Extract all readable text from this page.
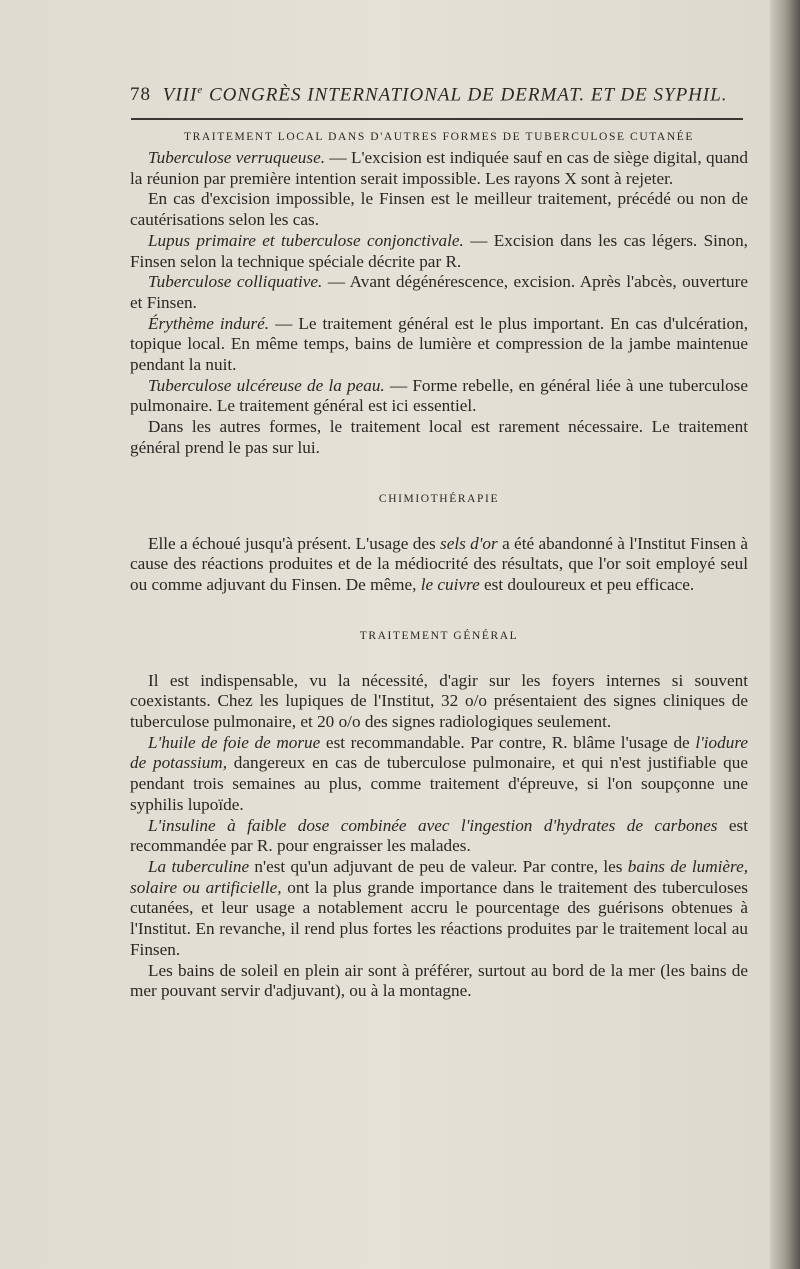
78 VIIIe CONGRÈS INTERNATIONAL DE DERMAT. ET DE SYPHIL.
TRAITEMENT LOCAL DANS D'AUTRES FORMES DE TUBERCULOSE CUTANÉE

Tuberculose verruqueuse. — L'excision est indiquée sauf en cas de siège digital, quand la réunion par première intention serait impossible. Les rayons X sont à rejeter.

En cas d'excision impossible, le Finsen est le meilleur traitement, précédé ou non de cautérisations selon les cas.

Lupus primaire et tuberculose conjonctivale. — Excision dans les cas légers. Sinon, Finsen selon la technique spéciale décrite par R.

Tuberculose colliquative. — Avant dégénérescence, excision. Après l'abcès, ouverture et Finsen.

Érythème induré. — Le traitement général est le plus important. En cas d'ulcération, topique local. En même temps, bains de lumière et compression de la jambe maintenue pendant la nuit.

Tuberculose ulcéreuse de la peau. — Forme rebelle, en général liée à une tuberculose pulmonaire. Le traitement général est ici essentiel.

Dans les autres formes, le traitement local est rarement nécessaire. Le traitement général prend le pas sur lui.

CHIMIOTHÉRAPIE

Elle a échoué jusqu'à présent. L'usage des sels d'or a été abandonné à l'Institut Finsen à cause des réactions produites et de la médiocrité des résultats, que l'or soit employé seul ou comme adjuvant du Finsen. De même, le cuivre est douloureux et peu efficace.

TRAITEMENT GÉNÉRAL

Il est indispensable, vu la nécessité, d'agir sur les foyers internes si souvent coexistants. Chez les lupiques de l'Institut, 32 o/o présentaient des signes cliniques de tuberculose pulmonaire, et 20 o/o des signes radiologiques seulement.

L'huile de foie de morue est recommandable. Par contre, R. blâme l'usage de l'iodure de potassium, dangereux en cas de tuberculose pulmonaire, et qui n'est justifiable que pendant trois semaines au plus, comme traitement d'épreuve, si l'on soupçonne une syphilis lupoïde.

L'insuline à faible dose combinée avec l'ingestion d'hydrates de carbones est recommandée par R. pour engraisser les malades.

La tuberculine n'est qu'un adjuvant de peu de valeur. Par contre, les bains de lumière, solaire ou artificielle, ont la plus grande importance dans le traitement des tuberculoses cutanées, et leur usage a notablement accru le pourcentage des guérisons obtenues à l'Institut. En revanche, il rend plus fortes les réactions produites par le traitement local au Finsen.

Les bains de soleil en plein air sont à préférer, surtout au bord de la mer (les bains de mer pouvant servir d'adjuvant), ou à la montagne.
